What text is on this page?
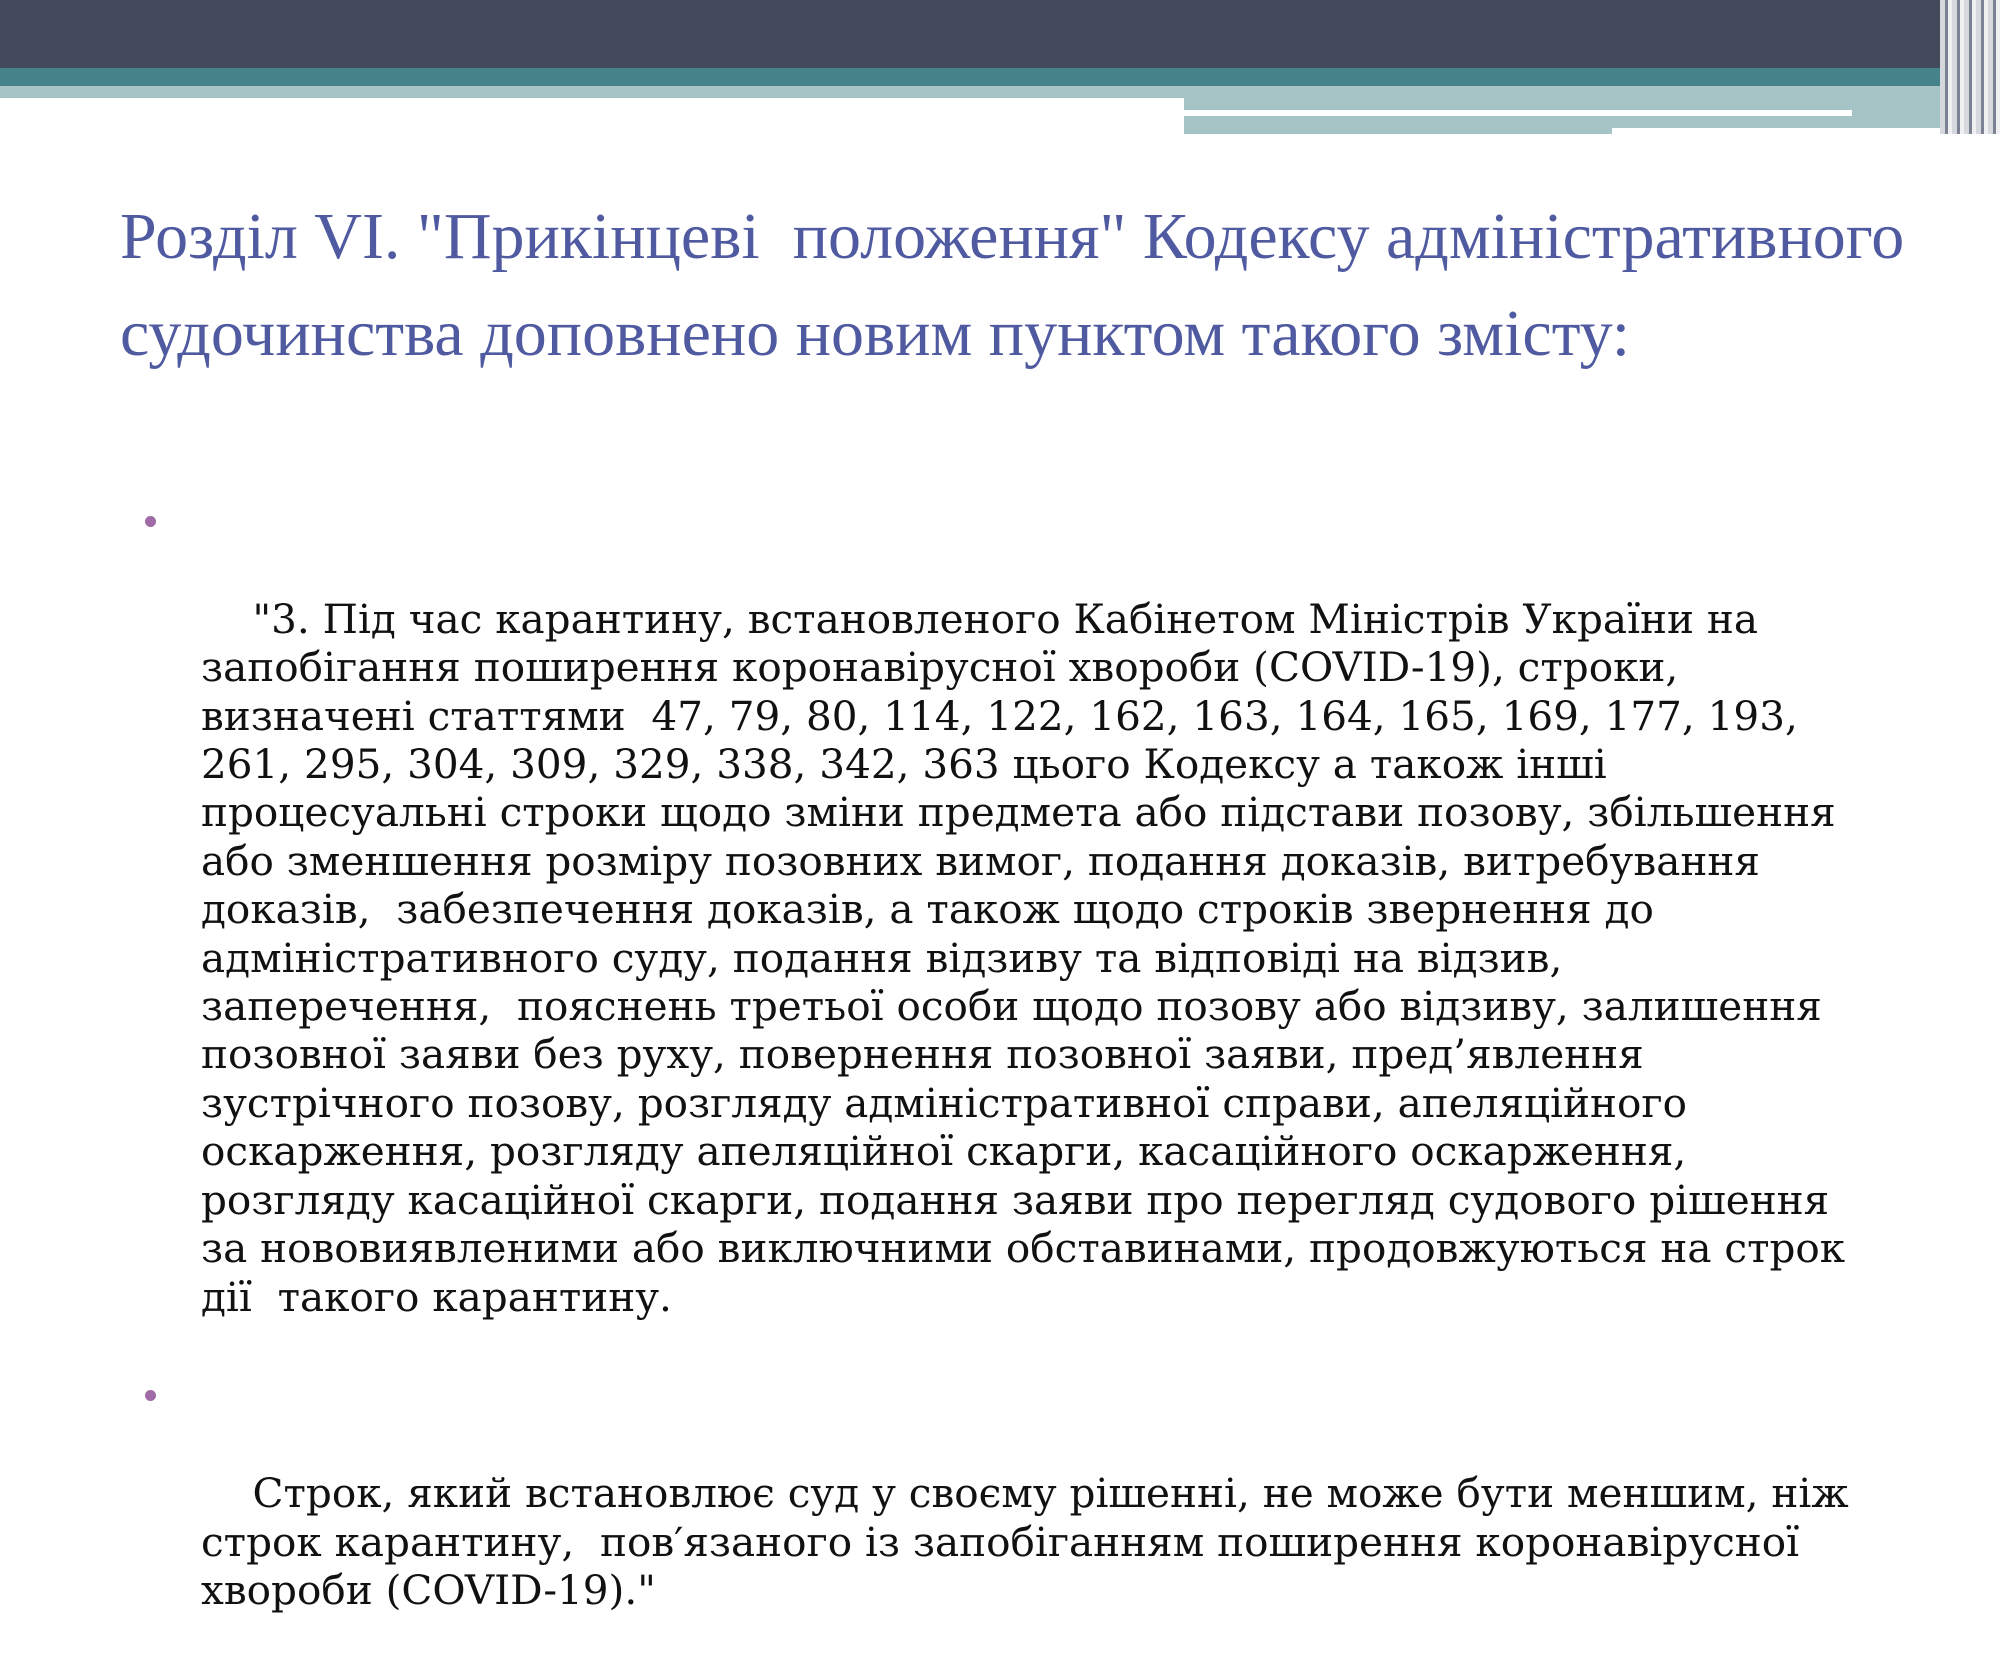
Розділ VI. "Прикінцеві  положення" Кодексу адміністративного судочинства доповнено новим пунктом такого змісту:

"3. Під час карантину, встановленого Кабінетом Міністрів України на запобігання поширення коронавірусної хвороби (COVID-19), строки, визначені статтями  47, 79, 80, 114, 122, 162, 163, 164, 165, 169, 177, 193, 261, 295, 304, 309, 329, 338, 342, 363 цього Кодексу а також інші процесуальні строки щодо зміни предмета або підстави позову, збільшення або зменшення розміру позовних вимог, подання доказів, витребування доказів,  забезпечення доказів, а також щодо строків звернення до адміністративного суду, подання відзиву та відповіді на відзив, заперечення,  пояснень третьої особи щодо позову або відзиву, залишення позовної заяви без руху, повернення позовної заяви, пред’явлення зустрічного позову, розгляду адміністративної справи, апеляційного оскарження, розгляду апеляційної скарги, касаційного оскарження, розгляду касаційної скарги, подання заяви про перегляд судового рішення за нововиявленими або виключними обставинами, продовжуються на строк дії  такого карантину.

Строк, який встановлює суд у своєму рішенні, не може бути меншим, ніж строк карантину,  пов′язаного із запобіганням поширення коронавірусної хвороби (COVID-19)."
